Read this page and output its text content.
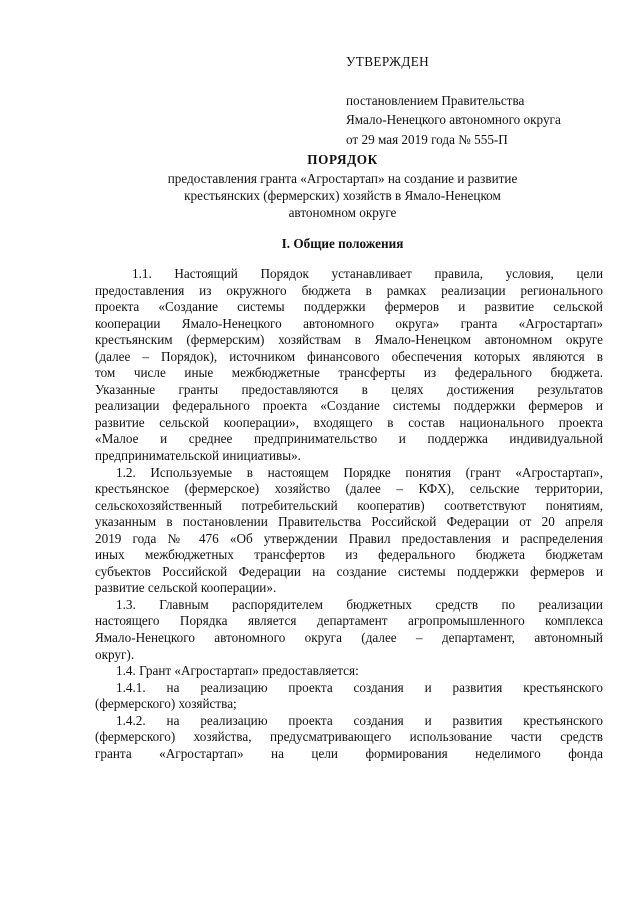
УТВЕРЖДЕН
постановлением Правительства
Ямало-Ненецкого автономного округа
от 29 мая 2019 года № 555-П
ПОРЯДОК
предоставления гранта «Агростартап» на создание и развитие
крестьянских (фермерских) хозяйств в Ямало-Ненецком
автономном округе
I. Общие положения
1.1. Настоящий Порядок устанавливает правила, условия, цели
предоставления из окружного бюджета в рамках реализации регионального
проекта «Создание системы поддержки фермеров и развитие сельской
кооперации Ямало-Ненецкого автономного округа» гранта «Агростартап»
крестьянским (фермерским) хозяйствам в Ямало-Ненецком автономном округе
(далее – Порядок), источником финансового обеспечения которых являются в
том числе иные межбюджетные трансферты из федерального бюджета.
Указанные гранты предоставляются в целях достижения результатов
реализации федерального проекта «Создание системы поддержки фермеров и
развитие сельской кооперации», входящего в состав национального проекта
«Малое и среднее предпринимательство и поддержка индивидуальной
предпринимательской инициативы».
1.2. Используемые в настоящем Порядке понятия (грант «Агростартап»,
крестьянское (фермерское) хозяйство (далее – КФХ), сельские территории,
сельскохозяйственный потребительский кооператив) соответствуют понятиям,
указанным в постановлении Правительства Российской Федерации от 20 апреля
2019 года № 476 «Об утверждении Правил предоставления и распределения
иных межбюджетных трансфертов из федерального бюджета бюджетам
субъектов Российской Федерации на создание системы поддержки фермеров и
развитие сельской кооперации».
1.3. Главным распорядителем бюджетных средств по реализации
настоящего Порядка является департамент агропромышленного комплекса
Ямало-Ненецкого автономного округа (далее – департамент, автономный
округ).
1.4. Грант «Агростартап» предоставляется:
1.4.1. на реализацию проекта создания и развития крестьянского
(фермерского) хозяйства;
1.4.2. на реализацию проекта создания и развития крестьянского
(фермерского) хозяйства, предусматривающего использование части средств
гранта «Агростартап» на цели формирования неделимого фонда
